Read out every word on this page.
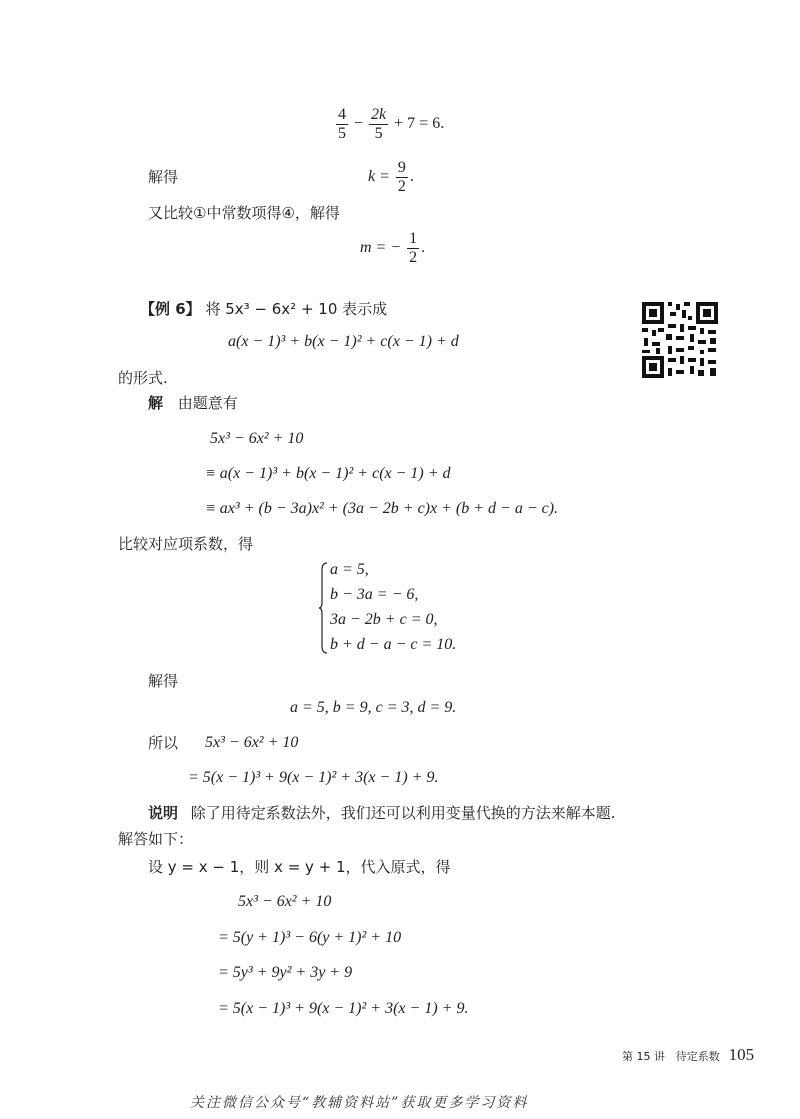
$\frac{4}{5} - \frac{2k}{5} + 7 = 6$.
解得	$k = \frac{9}{2}$ .
又比较①中常数项得④，解得
m = − $\frac{1}{2}$ .
【例 6】 将 5x³ − 6x² + 10 表示成
a(x − 1)³ + b(x − 1)² + c(x − 1) + d
的形式.
解 由题意有
5x³ − 6x² + 10
≡ a(x − 1)³ + b(x − 1)² + c(x − 1) + d
≡ ax³ + (b − 3a)x² + (3a − 2b + c)x + (b + d − a − c).
比较对应项系数，得
a = 5,
b − 3a = − 6,
3a − 2b + c = 0,
b + d − a − c = 10.
解得
a = 5, b = 9, c = 3, d = 9.
所以 5x³ − 6x² + 10
= 5(x − 1)³ + 9(x − 1)² + 3(x − 1) + 9.
说明 除了用待定系数法外，我们还可以利用变量代换的方法来解本题.
解答如下：
设 y = x − 1，则 x = y + 1，代入原式，得
5x³ − 6x² + 10
= 5(y + 1)³ − 6(y + 1)² + 10
= 5y³ + 9y² + 3y + 9
= 5(x − 1)³ + 9(x − 1)² + 3(x − 1) + 9.
第 15 讲 待定系数 105
关注微信公众号“教辅资料站”获取更多学习资料
